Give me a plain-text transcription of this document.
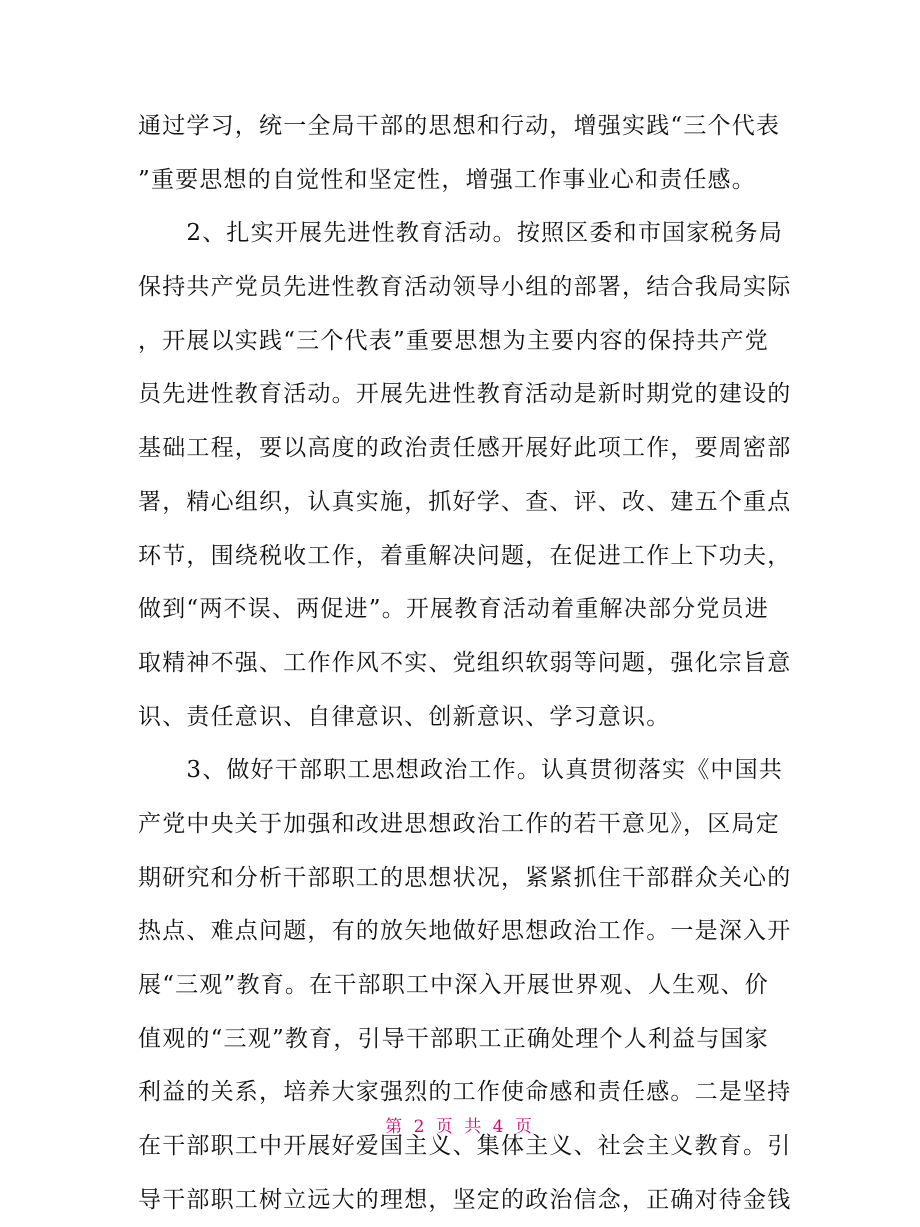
通过学习，统一全局干部的思想和行动，增强实践“三个代表
”重要思想的自觉性和坚定性，增强工作事业心和责任感。
　　2、扎实开展先进性教育活动。按照区委和市国家税务局
保持共产党员先进性教育活动领导小组的部署，结合我局实际
，开展以实践“三个代表”重要思想为主要内容的保持共产党
员先进性教育活动。开展先进性教育活动是新时期党的建设的
基础工程，要以高度的政治责任感开展好此项工作，要周密部
署，精心组织，认真实施，抓好学、查、评、改、建五个重点
环节，围绕税收工作，着重解决问题，在促进工作上下功夫，
做到“两不误、两促进”。开展教育活动着重解决部分党员进
取精神不强、工作作风不实、党组织软弱等问题，强化宗旨意
识、责任意识、自律意识、创新意识、学习意识。
　　3、做好干部职工思想政治工作。认真贯彻落实《中国共
产党中央关于加强和改进思想政治工作的若干意见》，区局定
期研究和分析干部职工的思想状况，紧紧抓住干部群众关心的
热点、难点问题，有的放矢地做好思想政治工作。一是深入开
展“三观”教育。在干部职工中深入开展世界观、人生观、价
值观的“三观”教育，引导干部职工正确处理个人利益与国家
利益的关系，培养大家强烈的工作使命感和责任感。二是坚持
在干部职工中开展好爱国主义、集体主义、社会主义教育。引
导干部职工树立远大的理想，坚定的政治信念，正确对待金钱
第 2 页 共 4 页
